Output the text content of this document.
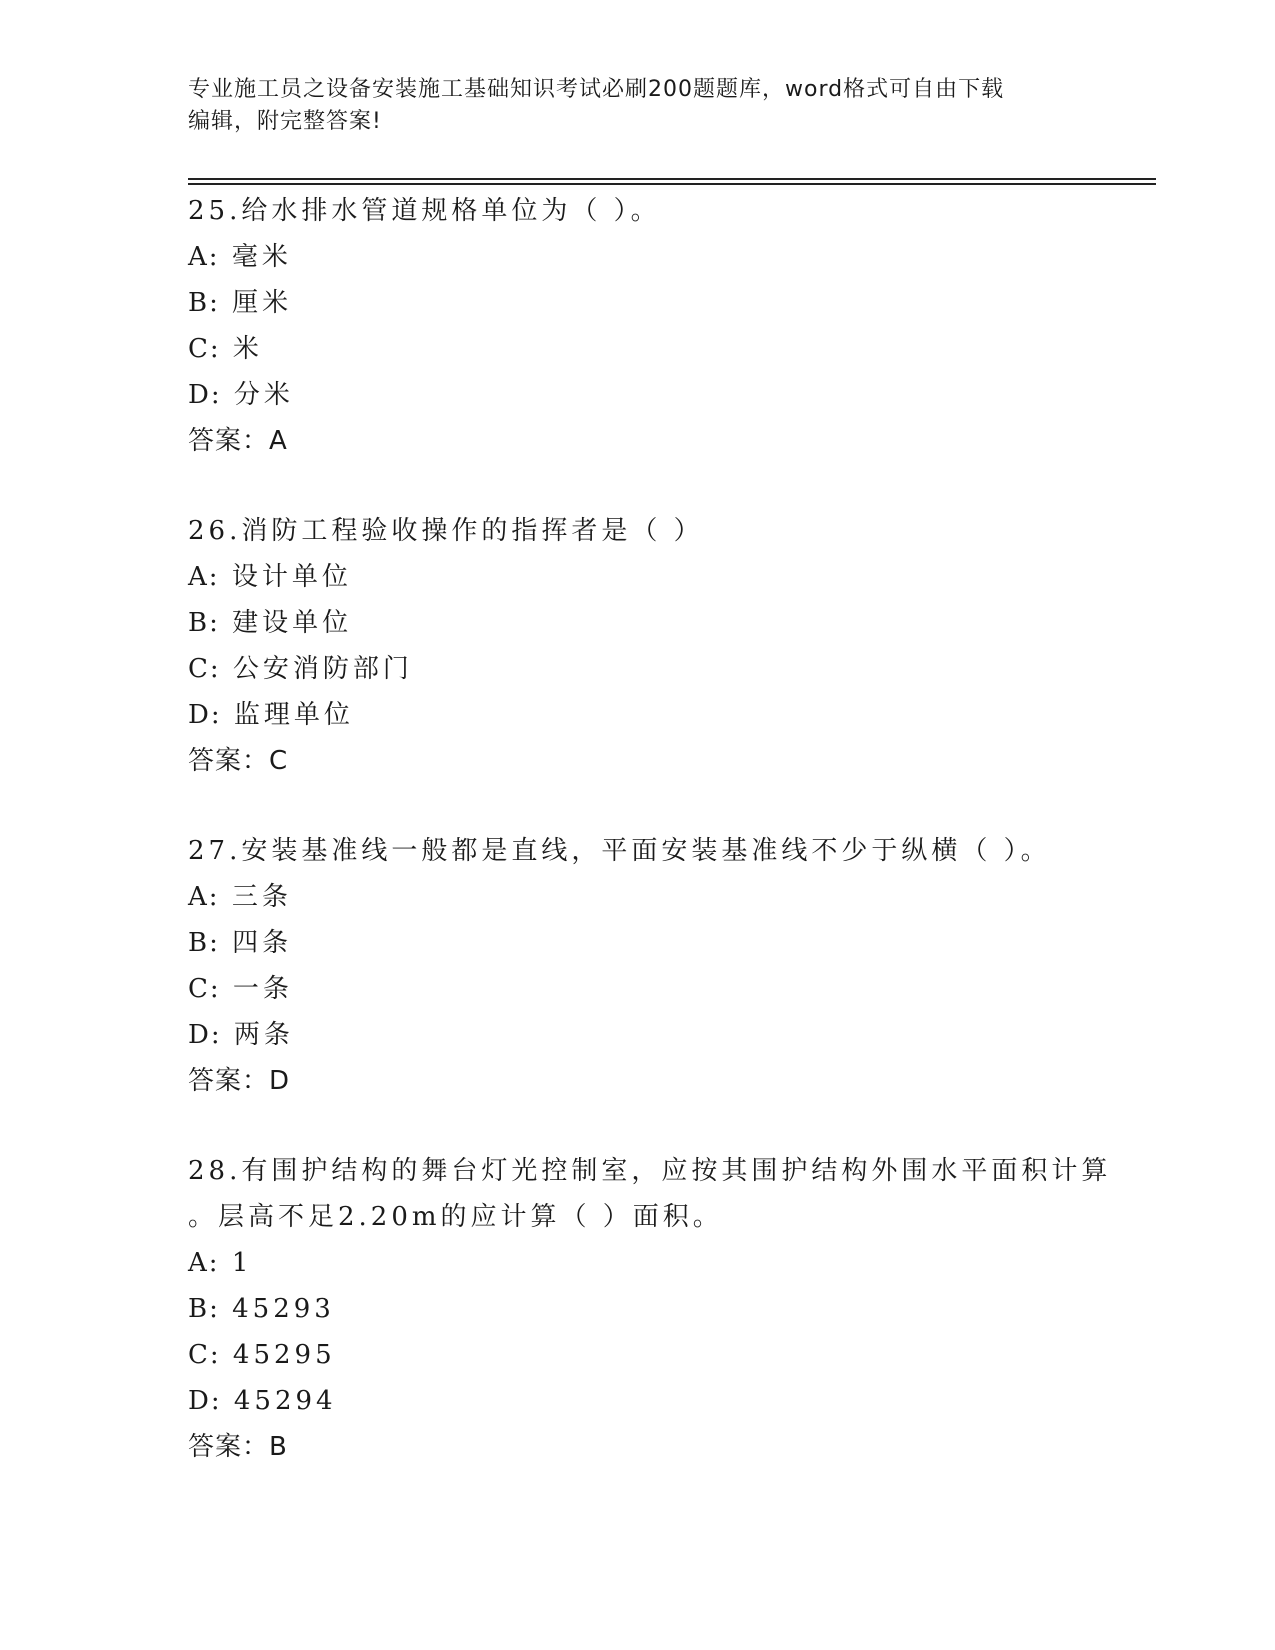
专业施工员之设备安装施工基础知识考试必刷200题题库，word格式可自由下载
编辑，附完整答案!
25.给水排水管道规格单位为（ ）。
A: 毫米
B: 厘米
C: 米
D: 分米
答案：A
26.消防工程验收操作的指挥者是（ ）
A: 设计单位
B: 建设单位
C: 公安消防部门
D: 监理单位
答案：C
27.安装基准线一般都是直线，平面安装基准线不少于纵横（ ）。
A: 三条
B: 四条
C: 一条
D: 两条
答案：D
28.有围护结构的舞台灯光控制室，应按其围护结构外围水平面积计算
。层高不足2.20m的应计算（ ）面积。
A: 1
B: 45293
C: 45295
D: 45294
答案：B
